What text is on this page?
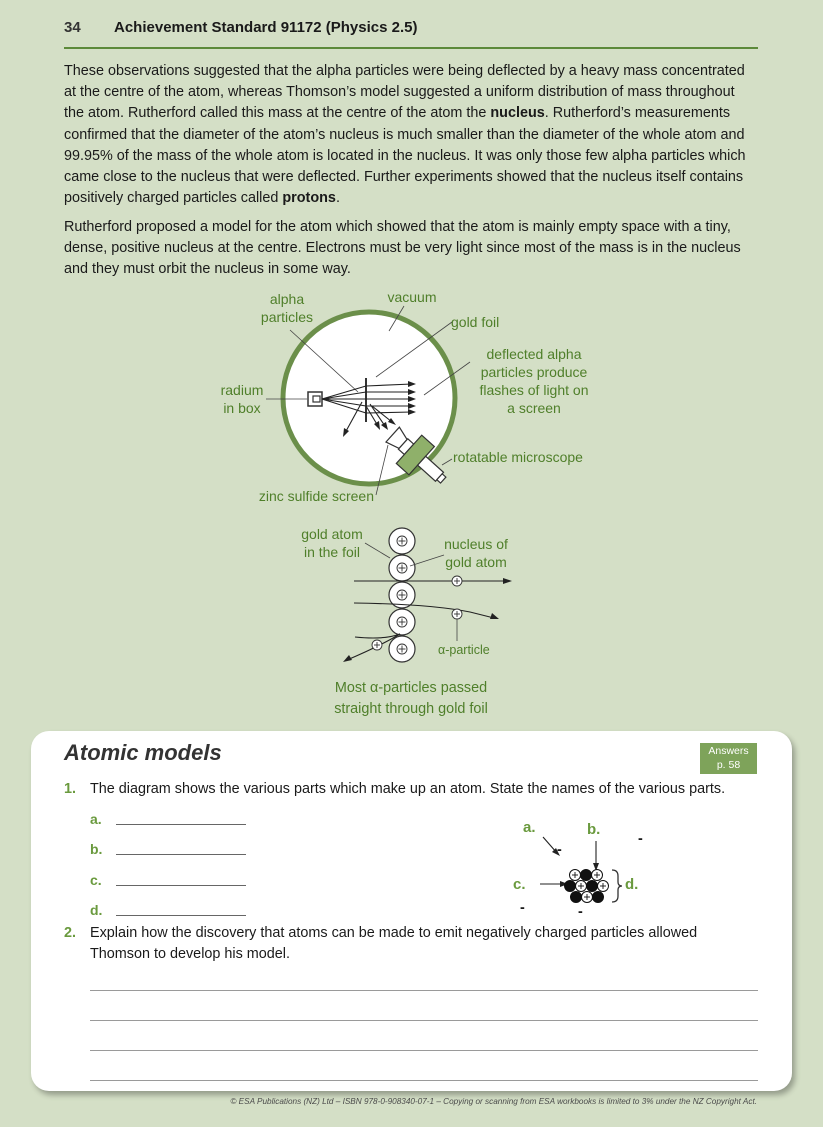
34 Achievement Standard 91172 (Physics 2.5)

These observations suggested that the alpha particles were being deflected by a heavy mass concentrated at the centre of the atom, whereas Thomson’s model suggested a uniform distribution of mass throughout the atom. Rutherford called this mass at the centre of the atom the nucleus. Rutherford’s measurements confirmed that the diameter of the atom’s nucleus is much smaller than the diameter of the whole atom and 99.95% of the mass of the whole atom is located in the nucleus. It was only those few alpha particles which came close to the nucleus that were deflected. Further experiments showed that the nucleus itself contains positively charged particles called protons.

Rutherford proposed a model for the atom which showed that the atom is mainly empty space with a tiny, dense, positive nucleus at the centre. Electrons must be very light since most of the mass is in the nucleus and they must orbit the nucleus in some way.

alpha
particles
vacuum
gold foil
deflected alpha
particles produce
flashes of light on
a screen
radium
in box
rotatable microscope
zinc sulfide screen
gold atom
in the foil	nucleus of
gold atom
α-particle
Most α-particles passed
straight through gold foil
Atomic models	Answers
p. 58
1. The diagram shows the various parts which make up an atom. State the names of the various parts.
a.
b.
c.
d.
2. Explain how the discovery that atoms can be made to emit negatively charged particles allowed Thomson to develop his model.
a.	b.
c.	d.
-
-
-	-
© ESA Publications (NZ) Ltd – ISBN 978-0-908340-07-1 – Copying or scanning from ESA workbooks is limited to 3% under the NZ Copyright Act.
